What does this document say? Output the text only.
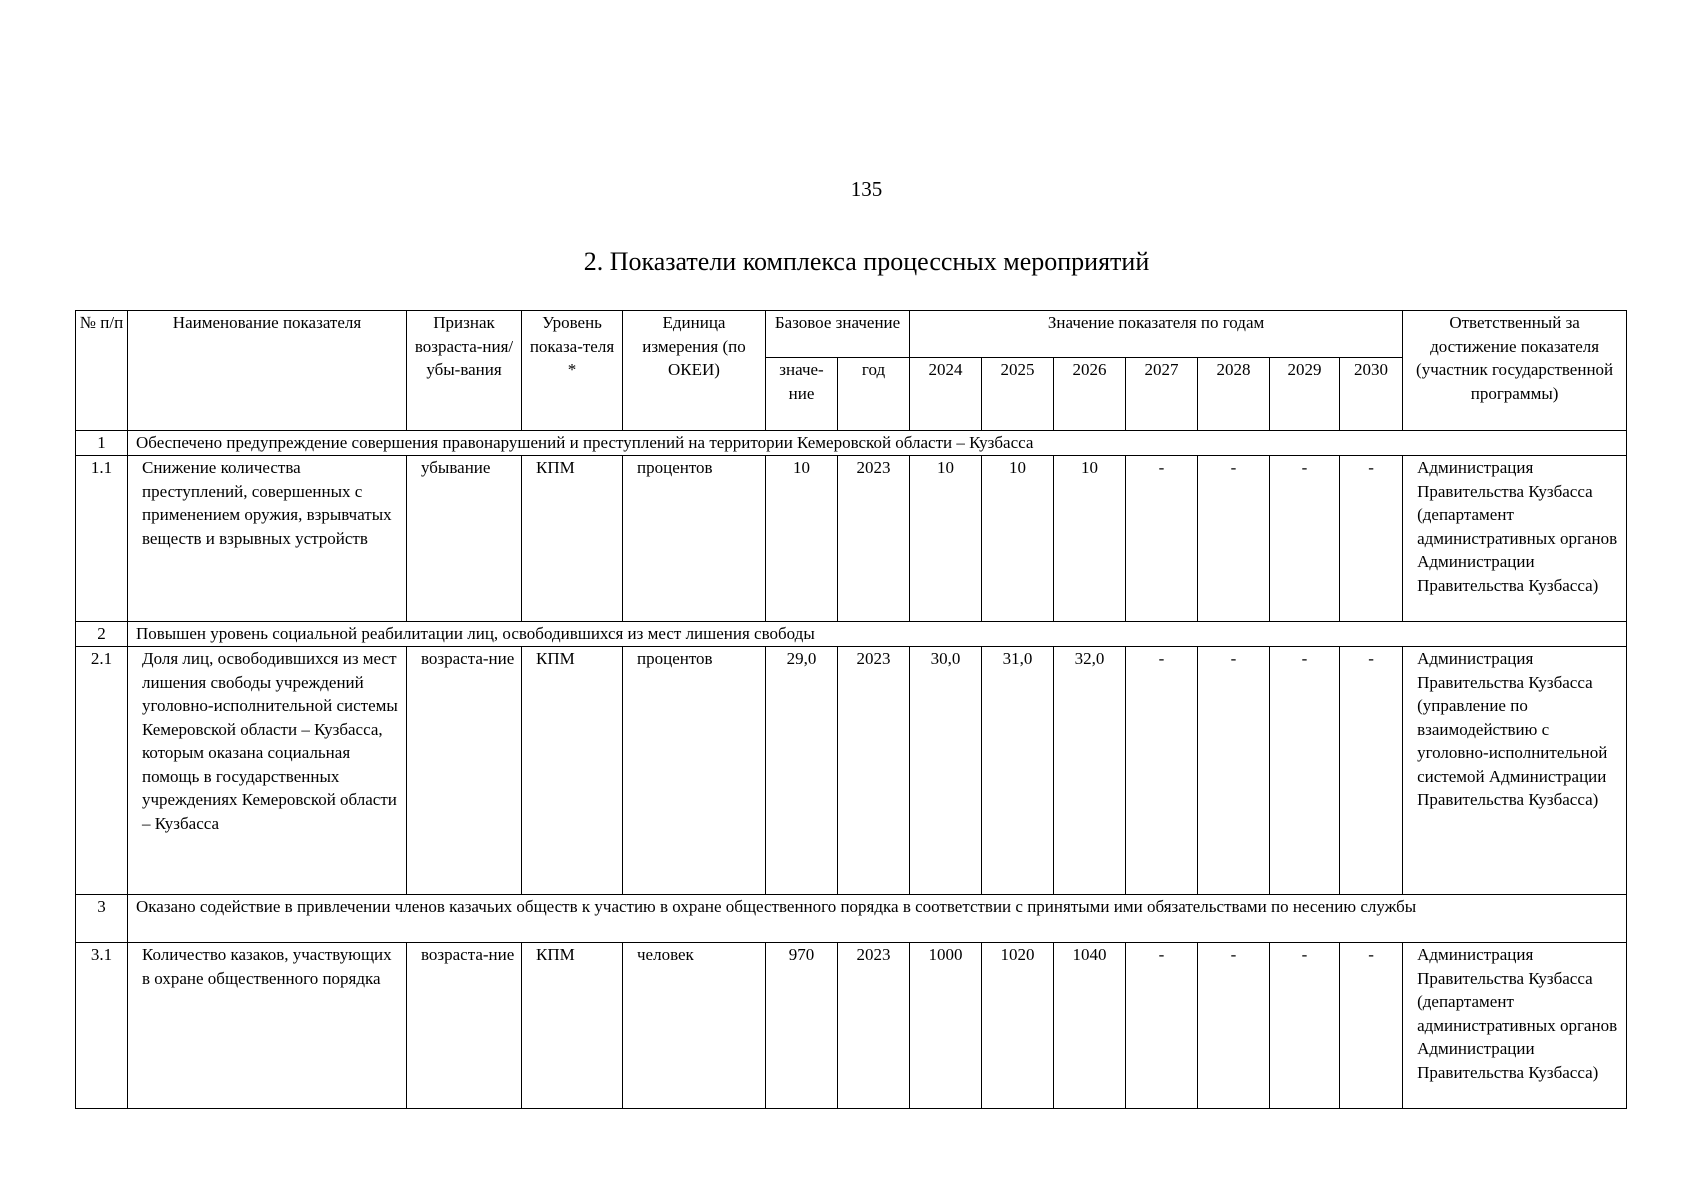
135
2. Показатели комплекса процессных мероприятий
№ п/п	Наименование показателя	Признак возраста-ния/убы-вания	Уровень показа-теля *	Единица измерения (по ОКЕИ)	Базовое значение		Значение показателя по годам							Ответственный за достижение показателя (участник государственной программы)
					значе-ние	год	2024	2025	2026	2027	2028	2029	2030	
1	Обеспечено предупреждение совершения правонарушений и преступлений на территории Кемеровской области – Кузбасса													
1.1	Снижение количества преступлений, совершенных с применением оружия, взрывчатых веществ и взрывных устройств	убывание	КПМ	процентов	10	2023	10	10	10	-	-	-	-	Администрация Правительства Кузбасса (департамент административных органов Администрации Правительства Кузбасса)
2	Повышен уровень социальной реабилитации лиц, освободившихся из мест лишения свободы													
2.1	Доля лиц, освободившихся из мест лишения свободы учреждений уголовно-исполнительной системы Кемеровской области – Кузбасса, которым оказана социальная помощь в государственных учреждениях Кемеровской области – Кузбасса	возраста-ние	КПМ	процентов	29,0	2023	30,0	31,0	32,0	-	-	-	-	Администрация Правительства Кузбасса (управление по взаимодействию с уголовно-исполнительной системой Администрации Правительства Кузбасса)
3	Оказано содействие в привлечении членов казачьих обществ к участию в охране общественного порядка в соответствии с принятыми ими обязательствами по несению службы													
3.1	Количество казаков, участвующих в охране общественного порядка	возраста-ние	КПМ	человек	970	2023	1000	1020	1040	-	-	-	-	Администрация Правительства Кузбасса (департамент административных органов Администрации Правительства Кузбасса)
